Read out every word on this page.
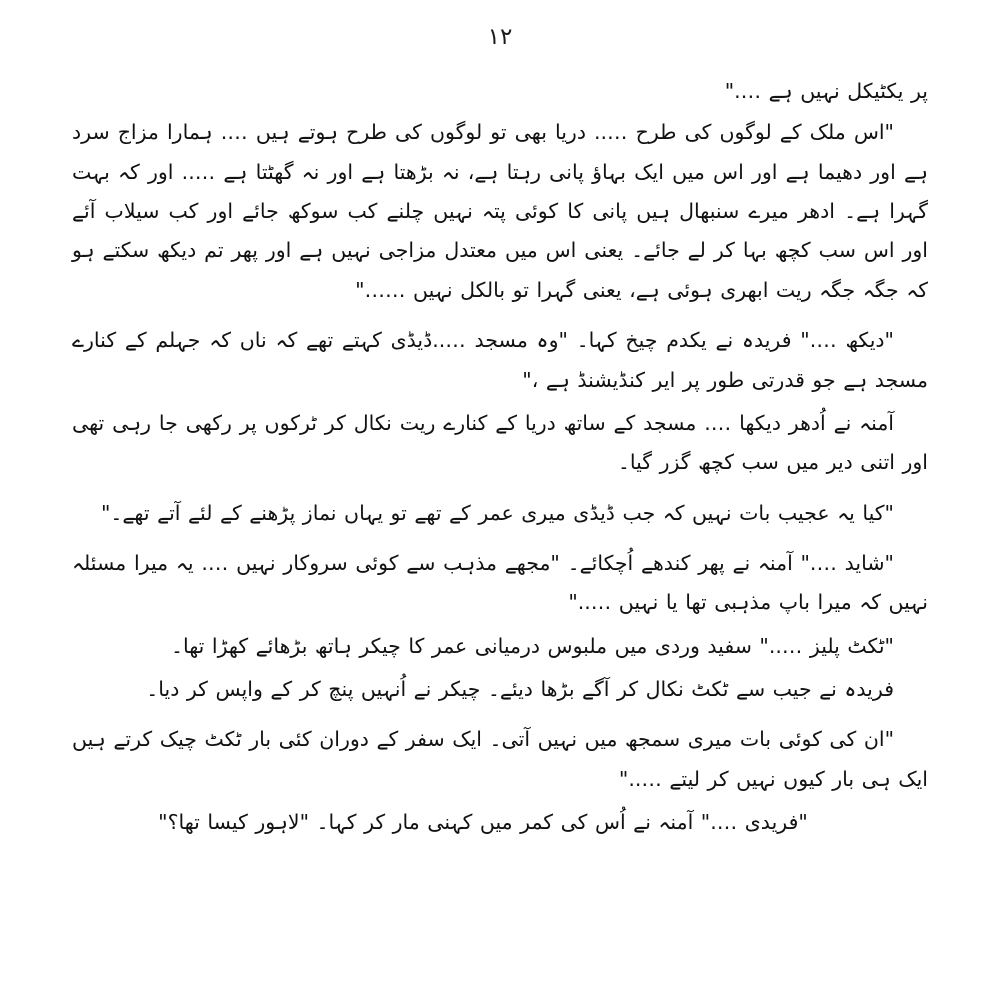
١٢

پر یکٹیکل نہیں ہے …."

"اس ملک کے لوگوں کی طرح ….. دریا بھی تو لوگوں کی طرح ہوتے ہیں …. ہمارا مزاج سرد ہے اور دھیما ہے اور اس میں ایک بہاؤ پانی رہتا ہے، نہ بڑھتا ہے اور نہ گھٹتا ہے ….. اور کہ بہت گہرا ہے۔ ادھر میرے سنبھال ہیں پانی کا کوئی پتہ نہیں چلنے کب سوکھ جائے اور کب سیلاب آئے اور اس سب کچھ بہا کر لے جائے۔ یعنی اس میں معتدل مزاجی نہیں ہے اور پھر تم دیکھ سکتے ہو کہ جگہ جگہ ریت ابھری ہوئی ہے، یعنی گہرا تو بالکل نہیں ……"

"دیکھ …." فریدہ نے یکدم چیخ کہا۔ "وہ مسجد …..ڈیڈی کہتے تھے کہ ناں کہ جہلم کے کنارے مسجد ہے جو قدرتی طور پر ایر کنڈیشنڈ ہے ،"

آمنہ نے اُدھر دیکھا …. مسجد کے ساتھ دریا کے کنارے ریت نکال کر ٹرکوں پر رکھی جا رہی تھی اور اتنی دیر میں سب کچھ گزر گیا۔

"کیا یہ عجیب بات نہیں کہ جب ڈیڈی میری عمر کے تھے تو یہاں نماز پڑھنے کے لئے آتے تھے۔"

"شاید …." آمنہ نے پھر کندھے اُچکائے۔ "مجھے مذہب سے کوئی سروکار نہیں …. یہ میرا مسئلہ نہیں کہ میرا باپ مذہبی تھا یا نہیں ….."

"ٹکٹ پلیز ….." سفید وردی میں ملبوس درمیانی عمر کا چیکر ہاتھ بڑھائے کھڑا تھا۔

فریدہ نے جیب سے ٹکٹ نکال کر آگے بڑھا دیئے۔ چیکر نے اُنہیں پنچ کر کے واپس کر دیا۔

"ان کی کوئی بات میری سمجھ میں نہیں آتی۔ ایک سفر کے دوران کئی بار ٹکٹ چیک کرتے ہیں ایک ہی بار کیوں نہیں کر لیتے ….."

"فریدی …." آمنہ نے اُس کی کمر میں کہنی مار کر کہا۔ "لاہور کیسا تھا؟"
